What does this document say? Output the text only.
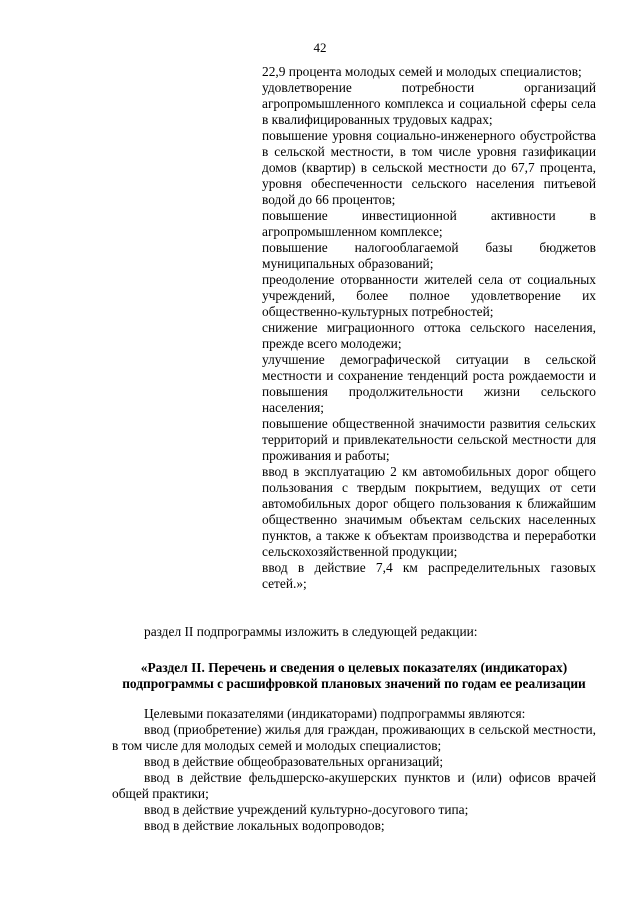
42

22,9 процента молодых семей и молодых специалистов;

удовлетворение потребности организаций агропромышленного комплекса и социальной сферы села в квалифицированных трудовых кадрах;

повышение уровня социально-инженерного обустройства в сельской местности, в том числе уровня газификации домов (квартир) в сельской местности до 67,7 процента, уровня обеспеченности сельского населения питьевой водой до 66 процентов;

повышение инвестиционной активности в агропромышленном комплексе;

повышение налогооблагаемой базы бюджетов муниципальных образований;

преодоление оторванности жителей села от социальных учреждений, более полное удовлетворение их общественно-культурных потребностей;

снижение миграционного оттока сельского населения, прежде всего молодежи;

улучшение демографической ситуации в сельской местности и сохранение тенденций роста рождаемости и повышения продолжительности жизни сельского населения;

повышение общественной значимости развития сельских территорий и привлекательности сельской местности для проживания и работы;

ввод в эксплуатацию 2 км автомобильных дорог общего пользования с твердым покрытием, ведущих от сети автомобильных дорог общего пользования к ближайшим общественно значимым объектам сельских населенных пунктов, а также к объектам производства и переработки сельскохозяйственной продукции;

ввод в действие 7,4 км распределительных газовых сетей.»;

раздел II подпрограммы изложить в следующей редакции:
«Раздел II. Перечень и сведения о целевых показателях (индикаторах)
подпрограммы с расшифровкой плановых значений по годам ее реализации

Целевыми показателями (индикаторами) подпрограммы являются:

ввод (приобретение) жилья для граждан, проживающих в сельской местности, в том числе для молодых семей и молодых специалистов;

ввод в действие общеобразовательных организаций;

ввод в действие фельдшерско-акушерских пунктов и (или) офисов врачей общей практики;

ввод в действие учреждений культурно-досугового типа;

ввод в действие локальных водопроводов;
